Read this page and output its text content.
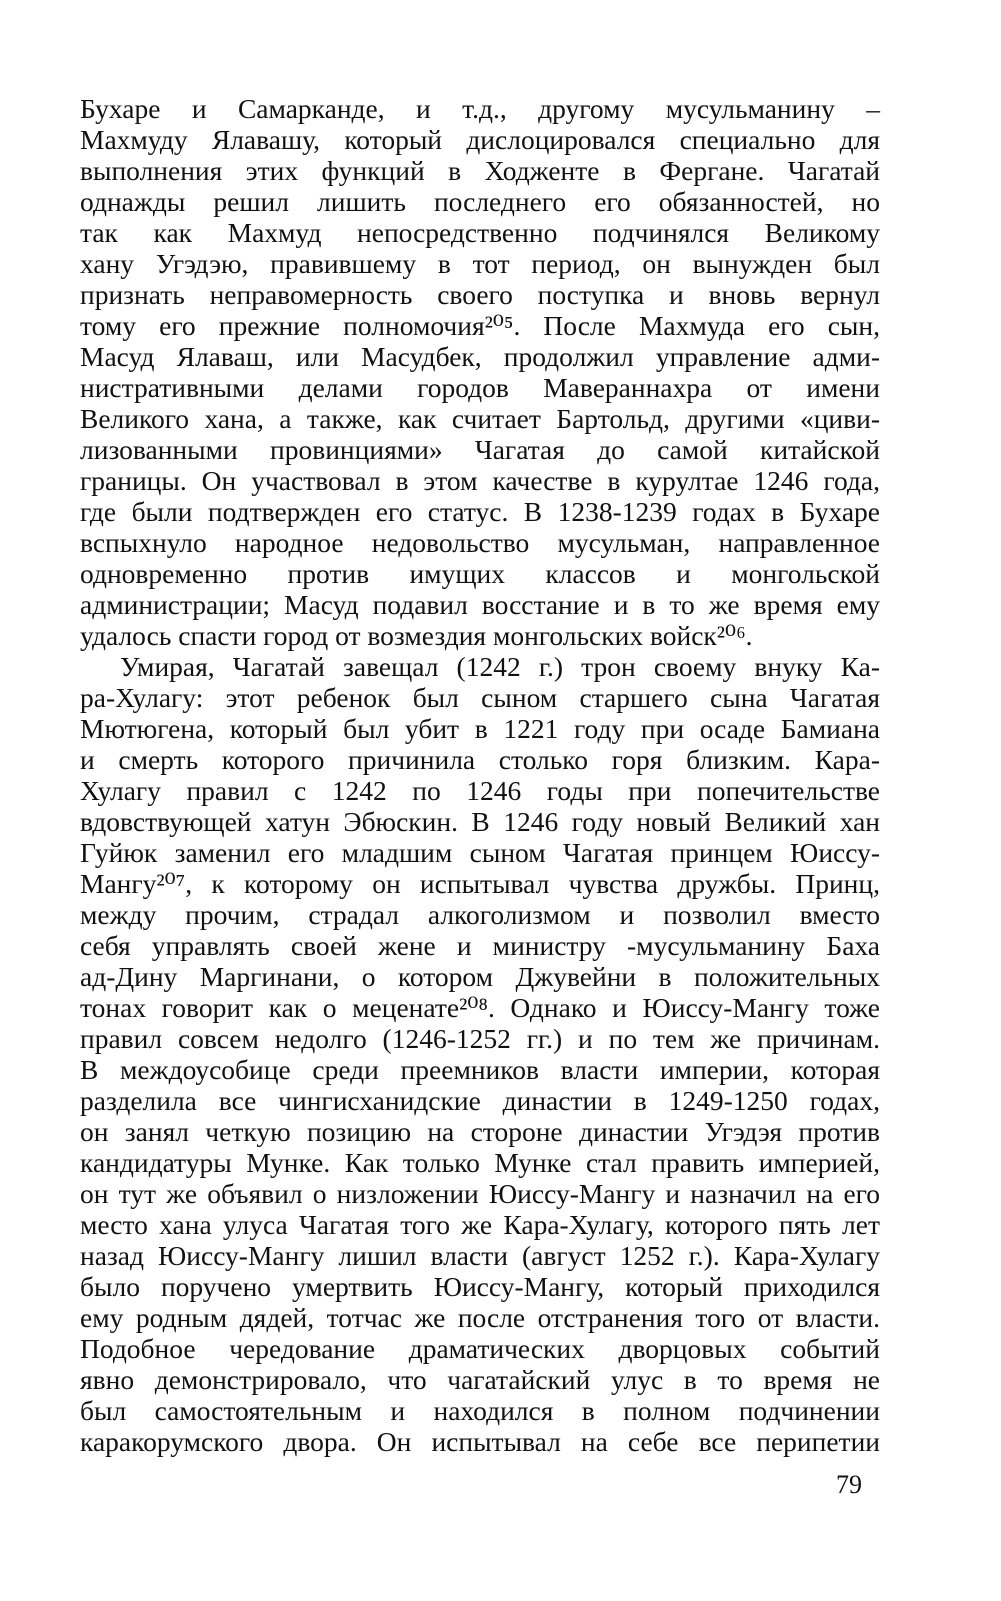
Бухаре и Самарканде, и т.д., другому мусульманину –
Махмуду Ялавашу, который дислоцировался специально для
выполнения этих функций в Ходженте в Фергане. Чагатай
однажды решил лишить последнего его обязанностей, но
так как Махмуд непосредственно подчинялся Великому
хану Угэдэю, правившему в тот период, он вынужден был
признать неправомерность своего поступка и вновь вернул
тому его прежние полномочия²⁰⁵. После Махмуда его сын,
Масуд Ялаваш, или Масудбек, продолжил управление адми-
нистративными делами городов Мавераннахра от имени
Великого хана, а также, как считает Бартольд, другими «циви-
лизованными провинциями» Чагатая до самой китайской
границы. Он участвовал в этом качестве в курултае 1246 года,
где были подтвержден его статус. В 1238-1239 годах в Бухаре
вспыхнуло народное недовольство мусульман, направленное
одновременно против имущих классов и монгольской
администрации; Масуд подавил восстание и в то же время ему
удалось спасти город от возмездия монгольских войск²⁰⁶.
Умирая, Чагатай завещал (1242 г.) трон своему внуку Ка-
ра-Хулагу: этот ребенок был сыном старшего сына Чагатая
Мютюгена, который был убит в 1221 году при осаде Бамиана
и смерть которого причинила столько горя близким. Кара-
Хулагу правил с 1242 по 1246 годы при попечительстве
вдовствующей хатун Эбюскин. В 1246 году новый Великий хан
Гуйюк заменил его младшим сыном Чагатая принцем Юиссу-
Мангу²⁰⁷, к которому он испытывал чувства дружбы. Принц,
между прочим, страдал алкоголизмом и позволил вместо
себя управлять своей жене и министру -мусульманину Баха
ад-Дину Маргинани, о котором Джувейни в положительных
тонах говорит как о меценате²⁰⁸. Однако и Юиссу-Мангу тоже
правил совсем недолго (1246-1252 гг.) и по тем же причинам.
В междоусобице среди преемников власти империи, которая
разделила все чингисханидские династии в 1249-1250 годах,
он занял четкую позицию на стороне династии Угэдэя против
кандидатуры Мунке. Как только Мунке стал править империей,
он тут же объявил о низложении Юиссу-Мангу и назначил на его
место хана улуса Чагатая того же Кара-Хулагу, которого пять лет
назад Юиссу-Мангу лишил власти (август 1252 г.). Кара-Хулагу
было поручено умертвить Юиссу-Мангу, который приходился
ему родным дядей, тотчас же после отстранения того от власти.
Подобное чередование драматических дворцовых событий
явно демонстрировало, что чагатайский улус в то время не
был самостоятельным и находился в полном подчинении
каракорумского двора. Он испытывал на себе все перипетии
79
